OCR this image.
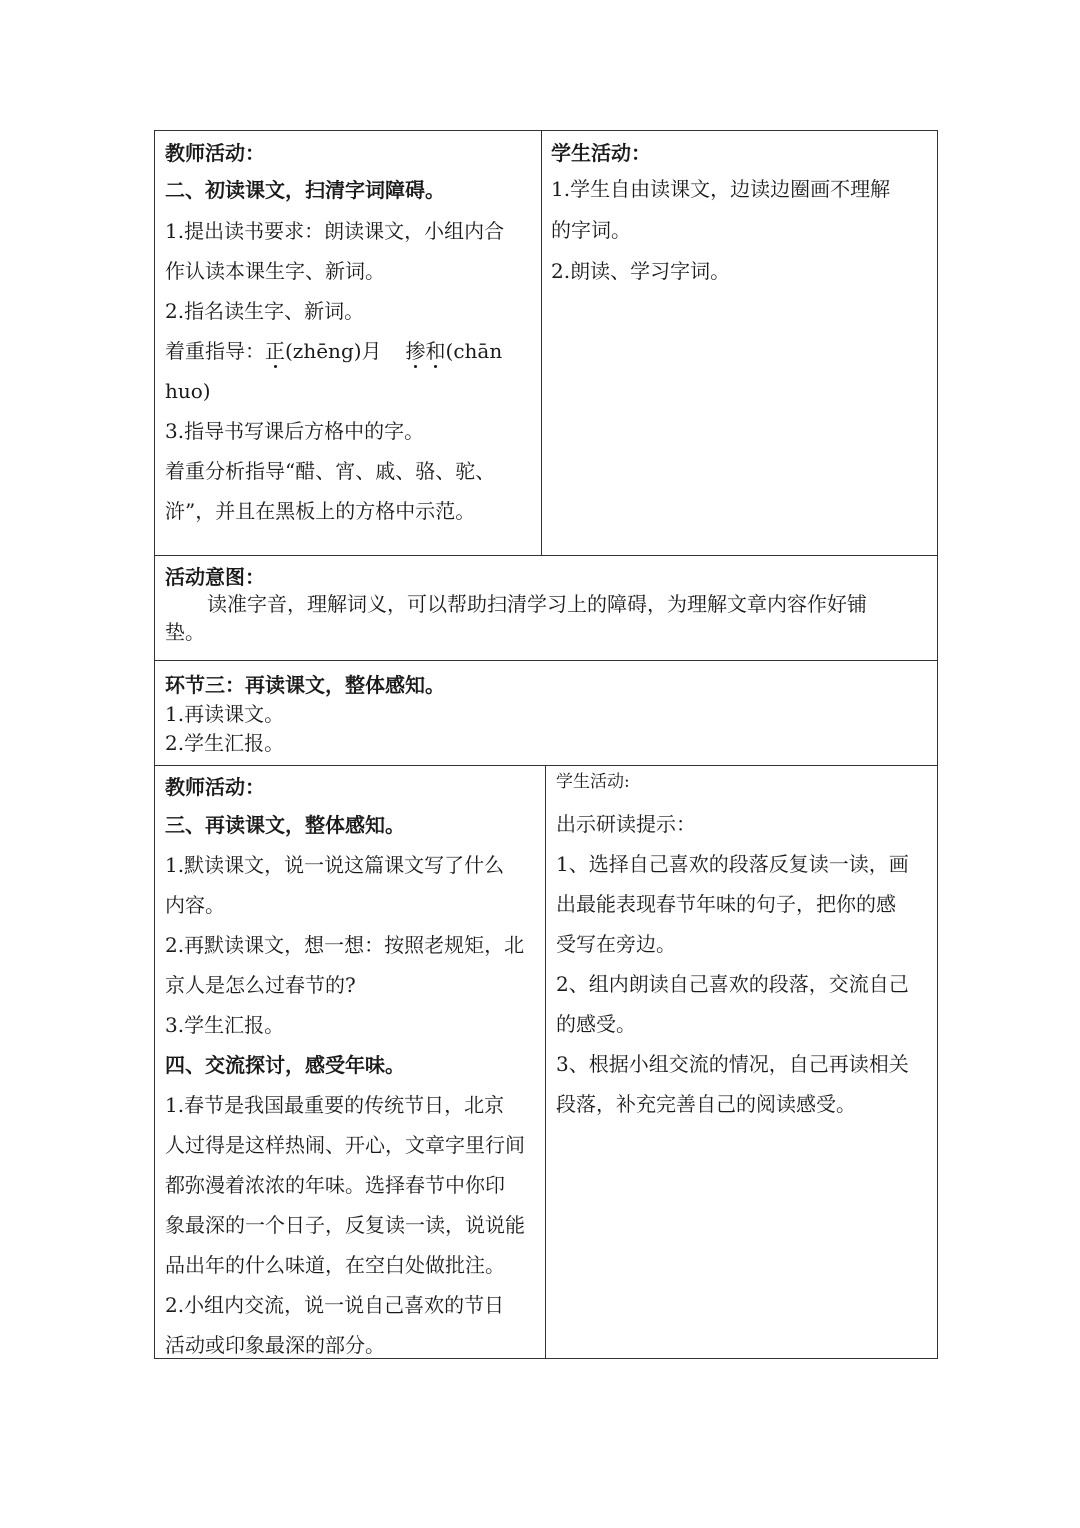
教师活动：
二、初读课文，扫清字词障碍。
1.提出读书要求：朗读课文，小组内合
作认读本课生字、新词。
2.指名读生字、新词。
着重指导：正(zhēng)月 掺和(chān
huo)
3.指导书写课后方格中的字。
着重分析指导“醋、宵、戚、骆、驼、
浒”，并且在黑板上的方格中示范。
学生活动：
1.学生自由读课文，边读边圈画不理解
的字词。
2.朗读、学习字词。
活动意图：
读准字音，理解词义，可以帮助扫清学习上的障碍，为理解文章内容作好铺
垫。
环节三：再读课文，整体感知。
1.再读课文。
2.学生汇报。
教师活动：
三、再读课文，整体感知。
1.默读课文，说一说这篇课文写了什么
内容。
2.再默读课文，想一想：按照老规矩，北
京人是怎么过春节的?
3.学生汇报。
四、交流探讨，感受年味。
1.春节是我国最重要的传统节日，北京
人过得是这样热闹、开心，文章字里行间
都弥漫着浓浓的年味。选择春节中你印
象最深的一个日子，反复读一读，说说能
品出年的什么味道，在空白处做批注。
2.小组内交流，说一说自己喜欢的节日
活动或印象最深的部分。
学生活动:
出示研读提示：
1、选择自己喜欢的段落反复读一读，画
出最能表现春节年味的句子，把你的感
受写在旁边。
2、组内朗读自己喜欢的段落，交流自己
的感受。
3、根据小组交流的情况，自己再读相关
段落，补充完善自己的阅读感受。
